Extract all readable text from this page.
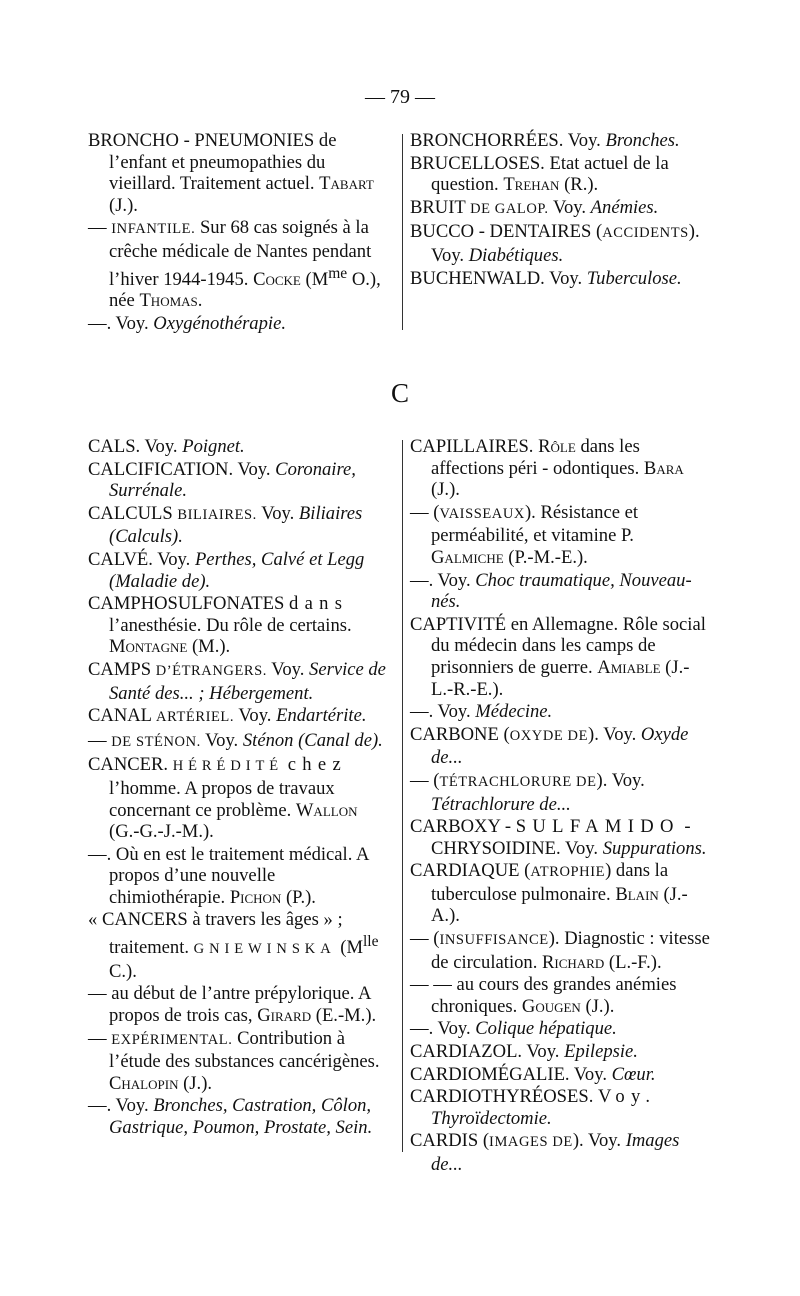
— 79 —

BRONCHO - PNEUMONIES de l’enfant et pneumopathies du vieillard. Traitement actuel. Tabart (J.).

— INFANTILE. Sur 68 cas soignés à la crêche médicale de Nantes pendant l’hiver 1944-1945. Cocke ($M^{me}$ O.), née Thomas.

—. Voy. Oxygénothérapie.

BRONCHORRÉES. Voy. Bronches.

BRUCELLOSES. Etat actuel de la question. Trehan (R.).

BRUIT DE GALOP. Voy. Anémies.

BUCCO - DENTAIRES (ACCIDENTS). Voy. Diabétiques.

BUCHENWALD. Voy. Tuberculose.

C

CALS. Voy. Poignet.

CALCIFICATION. Voy. Coronaire, Surrénale.

CALCULS BILIAIRES. Voy. Biliaires (Calculs).

CALVÉ. Voy. Perthes, Calvé et Legg (Maladie de).

CAMPHOSULFONATES dans l’anesthésie. Du rôle de certains. Montagne (M.).

CAMPS D’ÉTRANGERS. Voy. Service de Santé des... ; Hébergement.

CANAL ARTÉRIEL. Voy. Endartérite.

— DE STÉNON. Voy. Sténon (Canal de).

CANCER. HÉRÉDITÉ chez l’homme. A propos de travaux concernant ce problème. Wallon (G.-G.-J.-M.).

—. Où en est le traitement médical. A propos d’une nouvelle chimiothérapie. Pichon (P.).

« CANCERS à travers les âges » ; traitement. GNIEWINSKA ($M^{lle}$ C.).

— au début de l’antre prépylorique. A propos de trois cas, Girard (E.-M.).

— EXPÉRIMENTAL. Contribution à l’étude des substances cancérigènes. Chalopin (J.).

—. Voy. Bronches, Castration, Côlon, Gastrique, Poumon, Prostate, Sein.

CAPILLAIRES. Rôle dans les affections péri - odontiques. Bara (J.).

— (VAISSEAUX). Résistance et perméabilité, et vitamine P. Galmiche (P.-M.-E.).

—. Voy. Choc traumatique, Nouveau-nés.

CAPTIVITÉ en Allemagne. Rôle social du médecin dans les camps de prisonniers de guerre. Amiable (J.-L.-R.-E.).

—. Voy. Médecine.

CARBONE (OXYDE DE). Voy. Oxyde de...

— (TÉTRACHLORURE DE). Voy. Tétrachlorure de...

CARBOXY - SULFAMIDO - CHRYSOIDINE. Voy. Suppurations.

CARDIAQUE (ATROPHIE) dans la tuberculose pulmonaire. Blain (J.-A.).

— (INSUFFISANCE). Diagnostic : vitesse de circulation. Richard (L.-F.).

— — au cours des grandes anémies chroniques. Gougen (J.).

—. Voy. Colique hépatique.

CARDIAZOL. Voy. Epilepsie.

CARDIOMÉGALIE. Voy. Cœur.

CARDIOTHYRÉOSES. Voy. Thyroïdectomie.

CARDIS (IMAGES DE). Voy. Images de...
